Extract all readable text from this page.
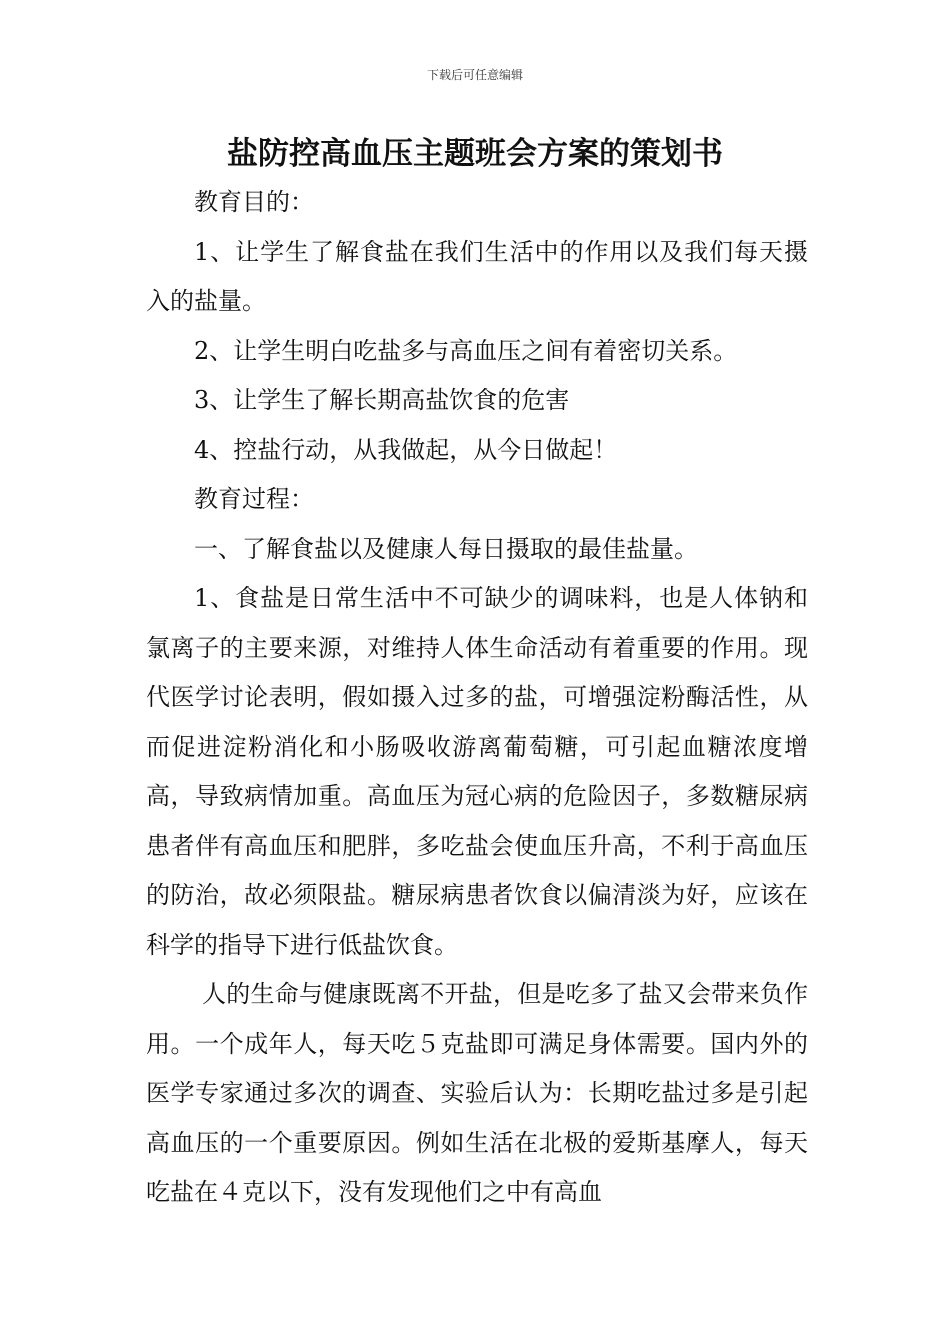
下载后可任意编辑
盐防控高血压主题班会方案的策划书

教育目的：

1、让学生了解食盐在我们生活中的作用以及我们每天摄入的盐量。

2、让学生明白吃盐多与高血压之间有着密切关系。

3、让学生了解长期高盐饮食的危害

4、控盐行动，从我做起，从今日做起！

教育过程：

一、了解食盐以及健康人每日摄取的最佳盐量。

1、食盐是日常生活中不可缺少的调味料，也是人体钠和氯离子的主要来源，对维持人体生命活动有着重要的作用。现代医学讨论表明，假如摄入过多的盐，可增强淀粉酶活性，从而促进淀粉消化和小肠吸收游离葡萄糖，可引起血糖浓度增高，导致病情加重。高血压为冠心病的危险因子，多数糖尿病患者伴有高血压和肥胖，多吃盐会使血压升高，不利于高血压的防治，故必须限盐。糖尿病患者饮食以偏清淡为好，应该在科学的指导下进行低盐饮食。

人的生命与健康既离不开盐，但是吃多了盐又会带来负作用。一个成年人，每天吃５克盐即可满足身体需要。国内外的医学专家通过多次的调查、实验后认为：长期吃盐过多是引起高血压的一个重要原因。例如生活在北极的爱斯基摩人，每天吃盐在４克以下，没有发现他们之中有高血
